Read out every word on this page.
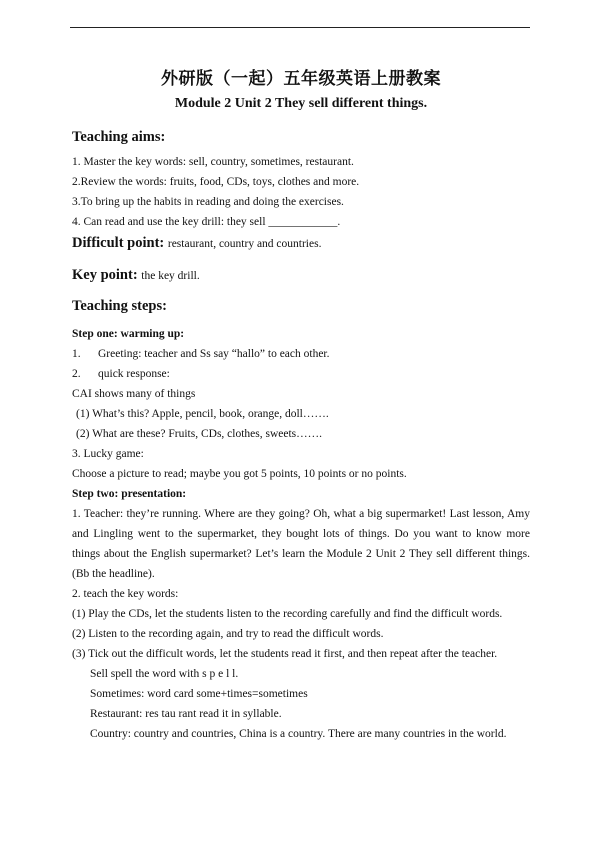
外研版（一起）五年级英语上册教案
Module 2 Unit 2 They sell different things.
Teaching aims:
1. Master the key words: sell, country, sometimes, restaurant.
2.Review the words: fruits, food, CDs, toys, clothes and more.
3.To bring up the habits in reading and doing the exercises.
4. Can read and use the key drill: they sell ____________.
Difficult point: restaurant, country and countries.
Key point: the key drill.
Teaching steps:
Step one: warming up:
1.	Greeting: teacher and Ss say “hallo” to each other.
2.	quick response:
CAI shows many of things
(1) What’s this? Apple, pencil, book, orange, doll…….
(2) What are these? Fruits, CDs, clothes, sweets…….
3. Lucky game:
Choose a picture to read; maybe you got 5 points, 10 points or no points.
Step two: presentation:
1. Teacher: they’re running. Where are they going? Oh, what a big supermarket! Last lesson, Amy and Lingling went to the supermarket, they bought lots of things. Do you want to know more things about the English supermarket? Let’s learn the Module 2 Unit 2 They sell different things. (Bb the headline).
2. teach the key words:
(1) Play the CDs, let the students listen to the recording carefully and find the difficult words.
(2) Listen to the recording again, and try to read the difficult words.
(3) Tick out the difficult words, let the students read it first, and then repeat after the teacher.
Sell spell the word with s p e l l.
Sometimes: word card some+times=sometimes
Restaurant: res tau rant read it in syllable.
Country: country and countries, China is a country. There are many countries in the world.
